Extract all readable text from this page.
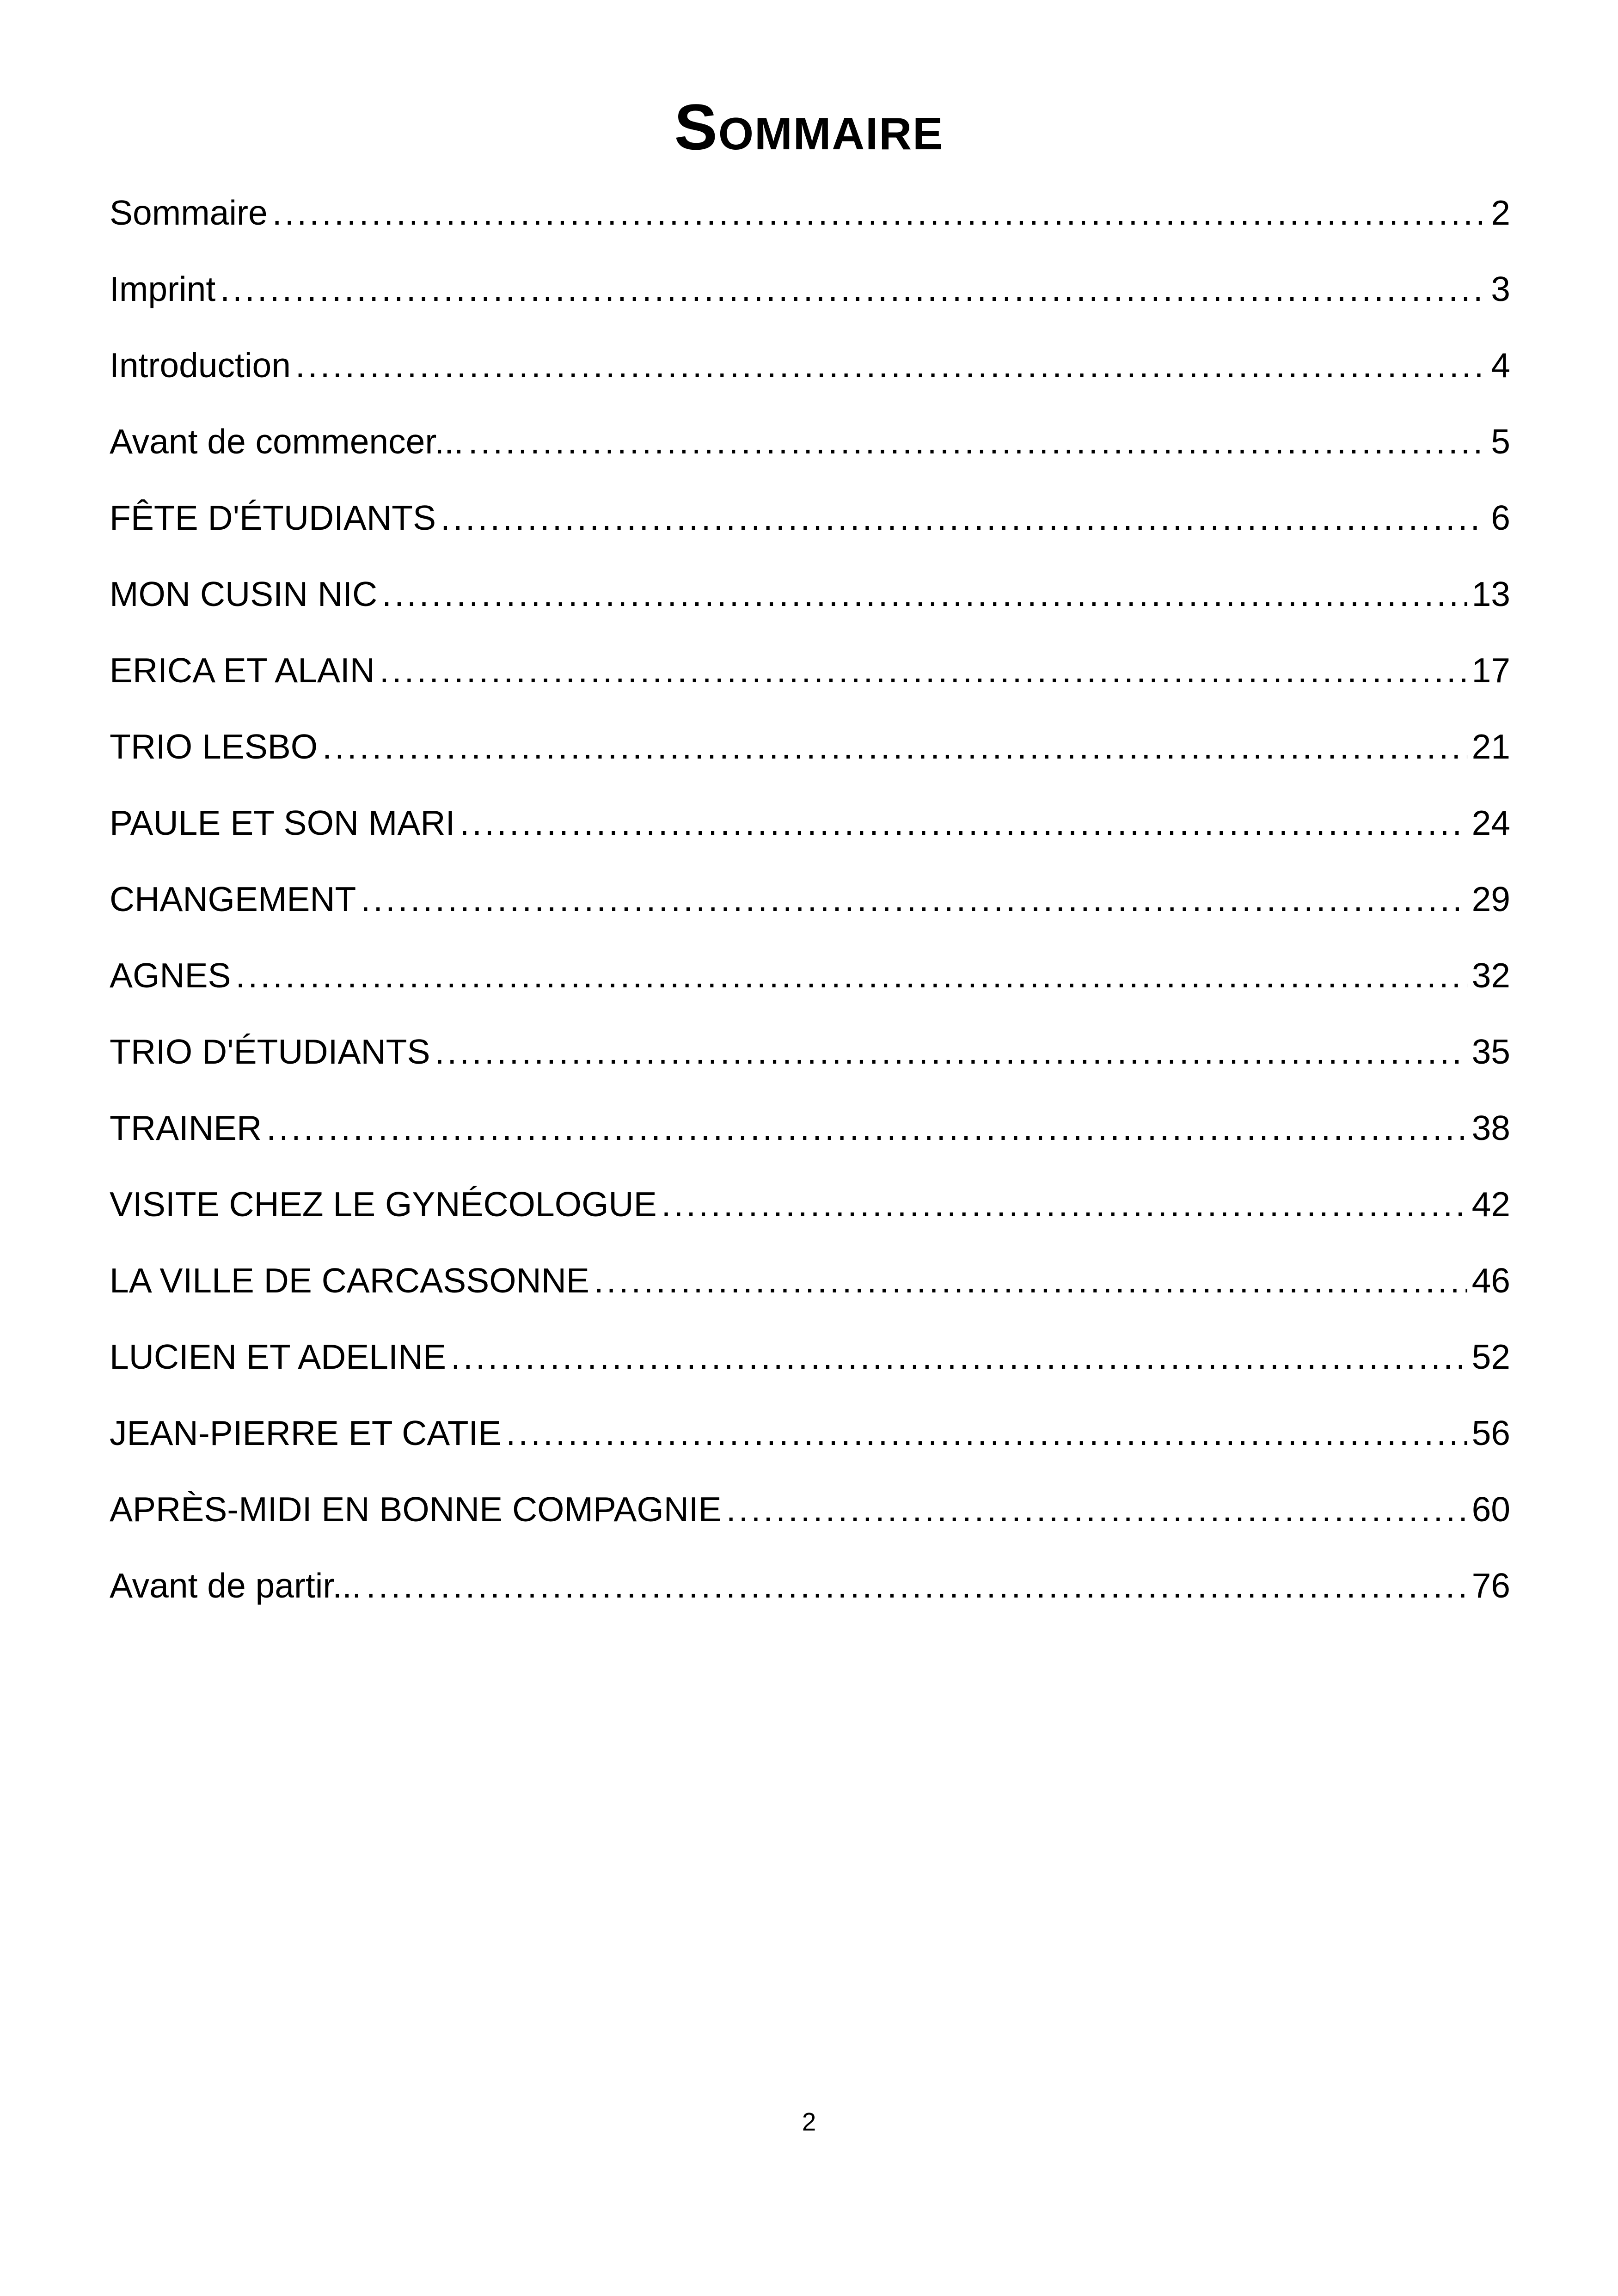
Sommaire
Sommaire .....	2
Imprint .....	3
Introduction .....	4
Avant de commencer... .....	5
FÊTE D'ÉTUDIANTS .....	6
MON CUSIN NIC .....	13
ERICA ET ALAIN .....	17
TRIO LESBO .....	21
PAULE ET SON MARI .....	24
CHANGEMENT .....	29
AGNES .....	32
TRIO D'ÉTUDIANTS .....	35
TRAINER .....	38
VISITE CHEZ LE GYNÉCOLOGUE .....	42
LA VILLE DE CARCASSONNE .....	46
LUCIEN ET ADELINE .....	52
JEAN-PIERRE ET CATIE .....	56
APRÈS-MIDI EN BONNE COMPAGNIE .....	60
Avant de partir... .....	76
2
